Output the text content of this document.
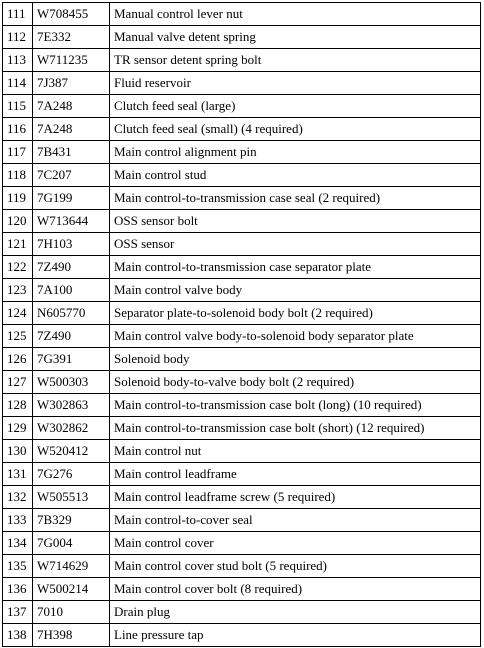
111	W708455	Manual control lever nut
112	7E332	Manual valve detent spring
113	W711235	TR sensor detent spring bolt
114	7J387	Fluid reservoir
115	7A248	Clutch feed seal (large)
116	7A248	Clutch feed seal (small) (4 required)
117	7B431	Main control alignment pin
118	7C207	Main control stud
119	7G199	Main control-to-transmission case seal (2 required)
120	W713644	OSS sensor bolt
121	7H103	OSS sensor
122	7Z490	Main control-to-transmission case separator plate
123	7A100	Main control valve body
124	N605770	Separator plate-to-solenoid body bolt (2 required)
125	7Z490	Main control valve body-to-solenoid body separator plate
126	7G391	Solenoid body
127	W500303	Solenoid body-to-valve body bolt (2 required)
128	W302863	Main control-to-transmission case bolt (long) (10 required)
129	W302862	Main control-to-transmission case bolt (short) (12 required)
130	W520412	Main control nut
131	7G276	Main control leadframe
132	W505513	Main control leadframe screw (5 required)
133	7B329	Main control-to-cover seal
134	7G004	Main control cover
135	W714629	Main control cover stud bolt (5 required)
136	W500214	Main control cover bolt (8 required)
137	7010	Drain plug
138	7H398	Line pressure tap
